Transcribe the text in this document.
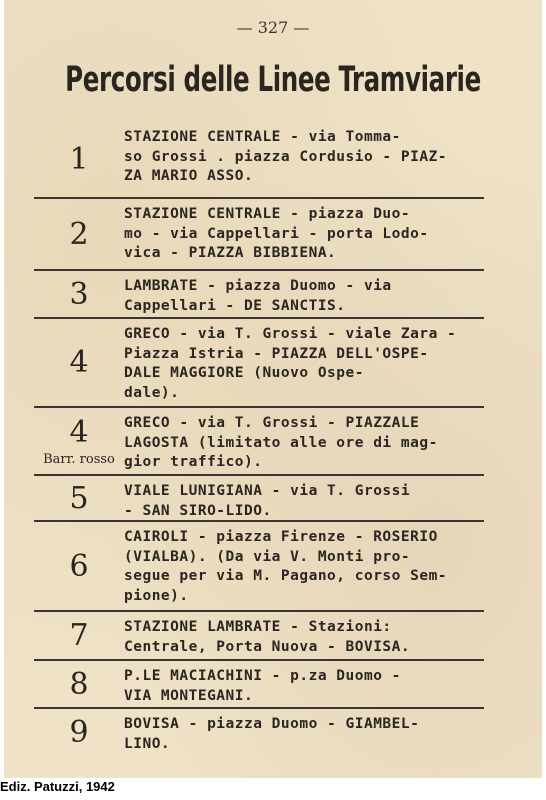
— 327 —
Percorsi delle Linee Tramviarie
1
STAZIONE CENTRALE - via Tomma-
so Grossi . piazza Cordusio - PIAZ-
ZA MARIO ASSO.
2
STAZIONE CENTRALE - piazza Duo-
mo - via Cappellari - porta Lodo-
vica - PIAZZA BIBBIENA.
3 LAMBRATE - piazza Duomo - via
Cappellari - DE SANCTIS.
4
GRECO - via T. Grossi - viale Zara -
Piazza Istria - PIAZZA DELL'OSPE-
DALE MAGGIORE (Nuovo Ospe-
dale).
4
Barr. rosso
GRECO - via T. Grossi - PIAZZALE
LAGOSTA (limitato alle ore di mag-
gior traffico).
5 VIALE LUNIGIANA - via T. Grossi
- SAN SIRO-LIDO.
6
CAIROLI - piazza Firenze - ROSERIO
(VIALBA). (Da via V. Monti pro-
segue per via M. Pagano, corso Sem-
pione).
7 STAZIONE LAMBRATE - Stazioni:
Centrale, Porta Nuova - BOVISA.
8 P.LE MACIACHINI - p.za Duomo -
VIA MONTEGANI.
9 BOVISA - piazza Duomo - GIAMBEL-
LINO.
Ediz. Patuzzi, 1942
